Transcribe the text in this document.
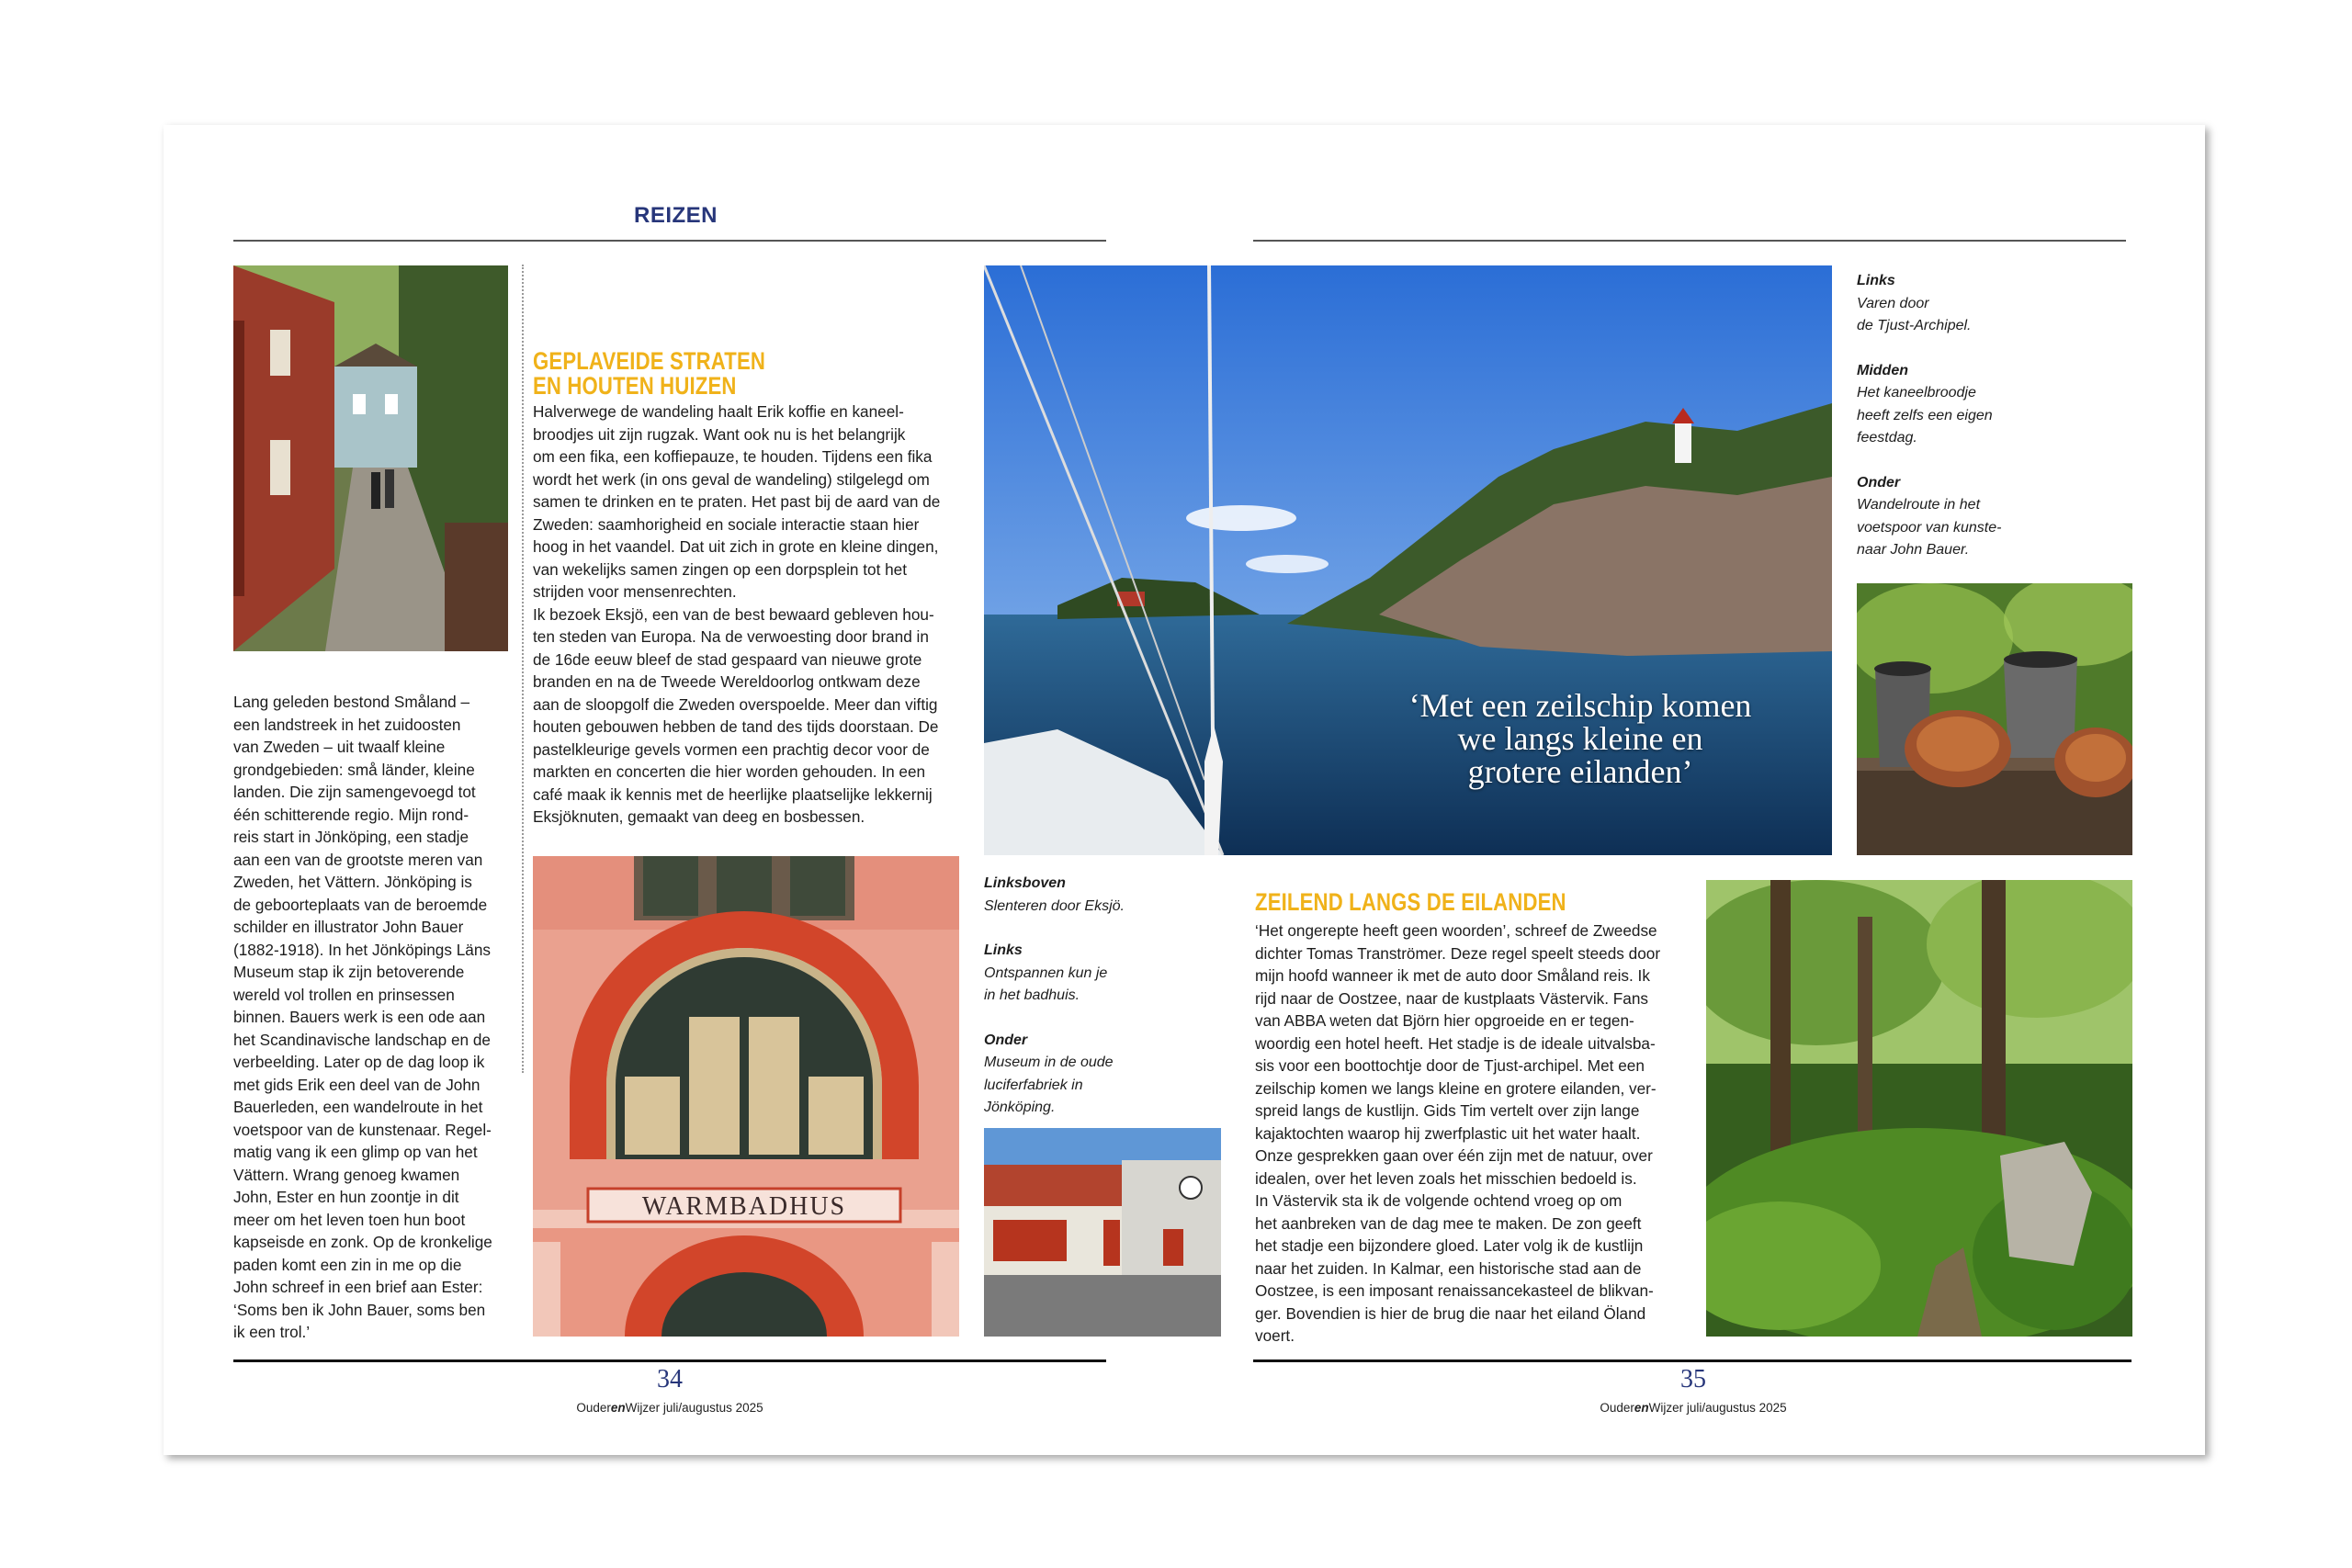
REIZEN

Lang geleden bestond Småland –

een landstreek in het zuidoosten

van Zweden – uit twaalf kleine

grondgebieden: små länder, kleine

landen. Die zijn samengevoegd tot

één schitterende regio. Mijn rond-

reis start in Jönköping, een stadje

aan een van de grootste meren van

Zweden, het Vättern. Jönköping is

de geboorteplaats van de beroemde

schilder en illustrator John Bauer

(1882-1918). In het Jönköpings Läns

Museum stap ik zijn betoverende

wereld vol trollen en prinsessen

binnen. Bauers werk is een ode aan

het Scandinavische landschap en de

verbeelding. Later op de dag loop ik

met gids Erik een deel van de John

Bauerleden, een wandelroute in het

voetspoor van de kunstenaar. Regel-

matig vang ik een glimp op van het

Vättern. Wrang genoeg kwamen

John, Ester en hun zoontje in dit

meer om het leven toen hun boot

kapseisde en zonk. Op de kronkelige

paden komt een zin in me op die

John schreef in een brief aan Ester:

‘Soms ben ik John Bauer, soms ben

ik een trol.’

GEPLAVEIDE STRATEN
EN HOUTEN HUIZEN

Halverwege de wandeling haalt Erik koffie en kaneel-

broodjes uit zijn rugzak. Want ook nu is het belangrijk

om een fika, een koffiepauze, te houden. Tijdens een fika

wordt het werk (in ons geval de wandeling) stilgelegd om

samen te drinken en te praten. Het past bij de aard van de

Zweden: saamhorigheid en sociale interactie staan hier

hoog in het vaandel. Dat uit zich in grote en kleine dingen,

van wekelijks samen zingen op een dorpsplein tot het

strijden voor mensenrechten.

Ik bezoek Eksjö, een van de best bewaard gebleven hou-

ten steden van Europa. Na de verwoesting door brand in

de 16de eeuw bleef de stad gespaard van nieuwe grote

branden en na de Tweede Wereldoorlog ontkwam deze

aan de sloopgolf die Zweden overspoelde. Meer dan viftig

houten gebouwen hebben de tand des tijds doorstaan. De

pastelkleurige gevels vormen een prachtig decor voor de

markten en concerten die hier worden gehouden. In een

café maak ik kennis met de heerlijke plaatselijke lekkernij

Eksjöknuten, gemaakt van deeg en bosbessen.

WARMBADHUS
Linksboven
Slenteren door Eksjö.
Links
Ontspannen kun je
in het badhuis.
Onder
Museum in de oude
luciferfabriek in
Jönköping.
34
OuderenWijzer juli/augustus 2025
‘Met een zeilschip komen
we langs kleine en
grotere eilanden’
Links
Varen door
de Tjust-Archipel.
Midden
Het kaneelbroodje
heeft zelfs een eigen
feestdag.
Onder
Wandelroute in het
voetspoor van kunste-
naar John Bauer.
ZEILEND LANGS DE EILANDEN

‘Het ongerepte heeft geen woorden’, schreef de Zweedse

dichter Tomas Tranströmer. Deze regel speelt steeds door

mijn hoofd wanneer ik met de auto door Småland reis. Ik

rijd naar de Oostzee, naar de kustplaats Västervik. Fans

van ABBA weten dat Björn hier opgroeide en er tegen-

woordig een hotel heeft. Het stadje is de ideale uitvalsba-

sis voor een boottochtje door de Tjust-archipel. Met een

zeilschip komen we langs kleine en grotere eilanden, ver-

spreid langs de kustlijn. Gids Tim vertelt over zijn lange

kajaktochten waarop hij zwerfplastic uit het water haalt.

Onze gesprekken gaan over één zijn met de natuur, over

idealen, over het leven zoals het misschien bedoeld is.

In Västervik sta ik de volgende ochtend vroeg op om

het aanbreken van de dag mee te maken. De zon geeft

het stadje een bijzondere gloed. Later volg ik de kustlijn

naar het zuiden. In Kalmar, een historische stad aan de

Oostzee, is een imposant renaissancekasteel de blikvan-

ger. Bovendien is hier de brug die naar het eiland Öland

voert.

35
OuderenWijzer juli/augustus 2025
